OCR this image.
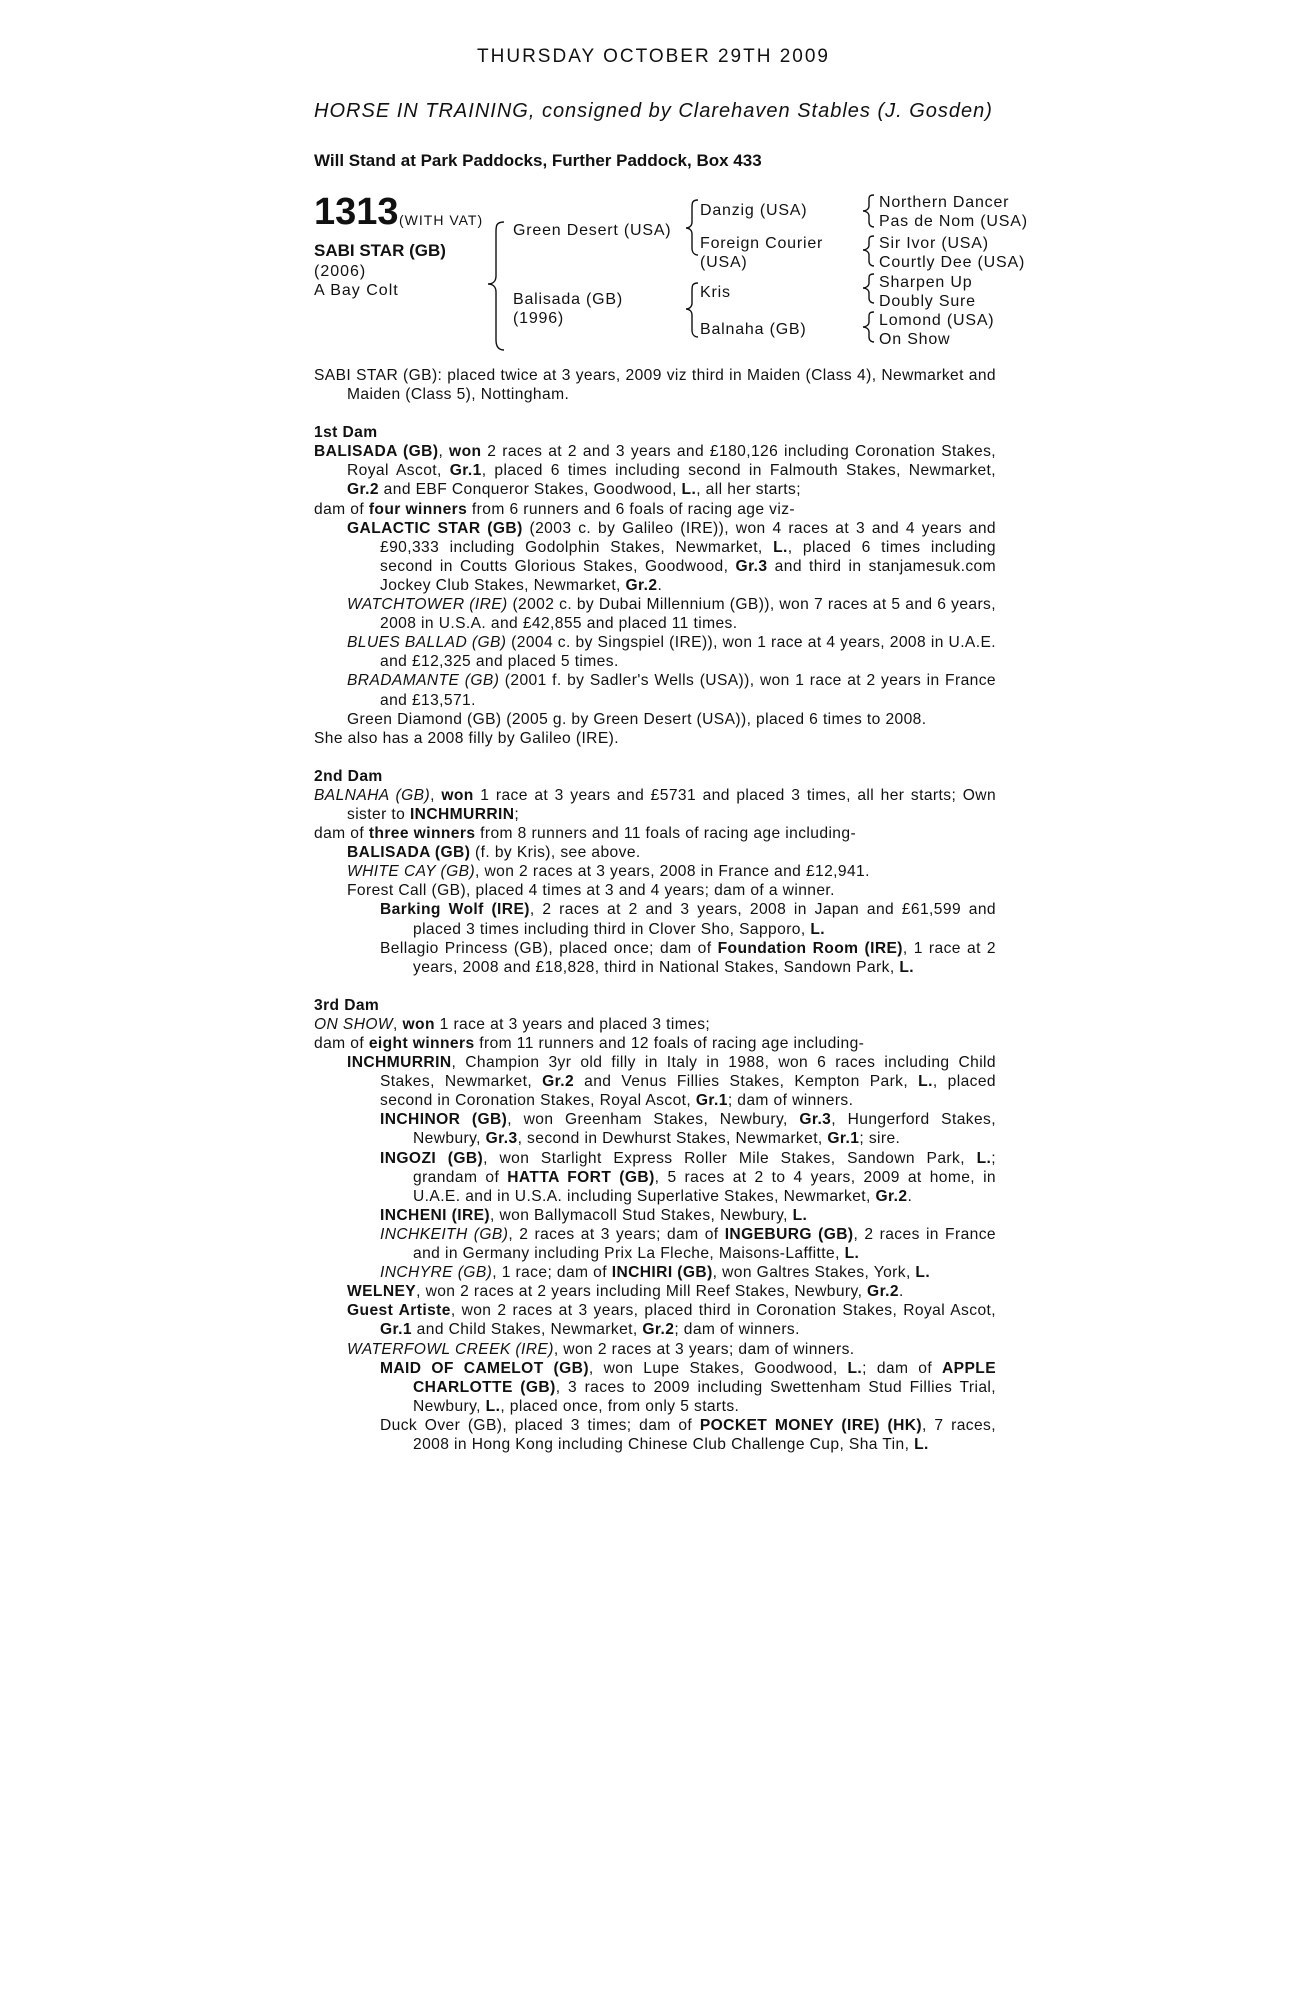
THURSDAY OCTOBER 29TH 2009
HORSE IN TRAINING, consigned by Clarehaven Stables (J. Gosden)
Will Stand at Park Paddocks, Further Paddock, Box 433
1313 (WITH VAT)
SABI STAR (GB)
(2006)
A Bay Colt
Green Desert (USA)
Balisada (GB)
(1996)
Danzig (USA)
Foreign Courier
(USA)
Kris
Balnaha (GB)
Northern Dancer
Pas de Nom (USA)
Sir Ivor (USA)
Courtly Dee (USA)
Sharpen Up
Doubly Sure
Lomond (USA)
On Show

SABI STAR (GB): placed twice at 3 years, 2009 viz third in Maiden (Class 4), Newmarket and Maiden (Class 5), Nottingham.

1st Dam

BALISADA (GB), won 2 races at 2 and 3 years and £180,126 including Coronation Stakes, Royal Ascot, Gr.1, placed 6 times including second in Falmouth Stakes, Newmarket, Gr.2 and EBF Conqueror Stakes, Goodwood, L., all her starts;

dam of four winners from 6 runners and 6 foals of racing age viz-

GALACTIC STAR (GB) (2003 c. by Galileo (IRE)), won 4 races at 3 and 4 years and £90,333 including Godolphin Stakes, Newmarket, L., placed 6 times including second in Coutts Glorious Stakes, Goodwood, Gr.3 and third in stanjamesuk.com Jockey Club Stakes, Newmarket, Gr.2.

WATCHTOWER (IRE) (2002 c. by Dubai Millennium (GB)), won 7 races at 5 and 6 years, 2008 in U.S.A. and £42,855 and placed 11 times.

BLUES BALLAD (GB) (2004 c. by Singspiel (IRE)), won 1 race at 4 years, 2008 in U.A.E. and £12,325 and placed 5 times.

BRADAMANTE (GB) (2001 f. by Sadler's Wells (USA)), won 1 race at 2 years in France and £13,571.

Green Diamond (GB) (2005 g. by Green Desert (USA)), placed 6 times to 2008.

She also has a 2008 filly by Galileo (IRE).

2nd Dam

BALNAHA (GB), won 1 race at 3 years and £5731 and placed 3 times, all her starts; Own sister to INCHMURRIN;

dam of three winners from 8 runners and 11 foals of racing age including-

BALISADA (GB) (f. by Kris), see above.

WHITE CAY (GB), won 2 races at 3 years, 2008 in France and £12,941.

Forest Call (GB), placed 4 times at 3 and 4 years; dam of a winner.

Barking Wolf (IRE), 2 races at 2 and 3 years, 2008 in Japan and £61,599 and placed 3 times including third in Clover Sho, Sapporo, L.

Bellagio Princess (GB), placed once; dam of Foundation Room (IRE), 1 race at 2 years, 2008 and £18,828, third in National Stakes, Sandown Park, L.

3rd Dam

ON SHOW, won 1 race at 3 years and placed 3 times;

dam of eight winners from 11 runners and 12 foals of racing age including-

INCHMURRIN, Champion 3yr old filly in Italy in 1988, won 6 races including Child Stakes, Newmarket, Gr.2 and Venus Fillies Stakes, Kempton Park, L., placed second in Coronation Stakes, Royal Ascot, Gr.1; dam of winners.

INCHINOR (GB), won Greenham Stakes, Newbury, Gr.3, Hungerford Stakes, Newbury, Gr.3, second in Dewhurst Stakes, Newmarket, Gr.1; sire.

INGOZI (GB), won Starlight Express Roller Mile Stakes, Sandown Park, L.; grandam of HATTA FORT (GB), 5 races at 2 to 4 years, 2009 at home, in U.A.E. and in U.S.A. including Superlative Stakes, Newmarket, Gr.2.

INCHENI (IRE), won Ballymacoll Stud Stakes, Newbury, L.

INCHKEITH (GB), 2 races at 3 years; dam of INGEBURG (GB), 2 races in France and in Germany including Prix La Fleche, Maisons-Laffitte, L.

INCHYRE (GB), 1 race; dam of INCHIRI (GB), won Galtres Stakes, York, L.

WELNEY, won 2 races at 2 years including Mill Reef Stakes, Newbury, Gr.2.

Guest Artiste, won 2 races at 3 years, placed third in Coronation Stakes, Royal Ascot, Gr.1 and Child Stakes, Newmarket, Gr.2; dam of winners.

WATERFOWL CREEK (IRE), won 2 races at 3 years; dam of winners.

MAID OF CAMELOT (GB), won Lupe Stakes, Goodwood, L.; dam of APPLE CHARLOTTE (GB), 3 races to 2009 including Swettenham Stud Fillies Trial, Newbury, L., placed once, from only 5 starts.

Duck Over (GB), placed 3 times; dam of POCKET MONEY (IRE) (HK), 7 races, 2008 in Hong Kong including Chinese Club Challenge Cup, Sha Tin, L.
